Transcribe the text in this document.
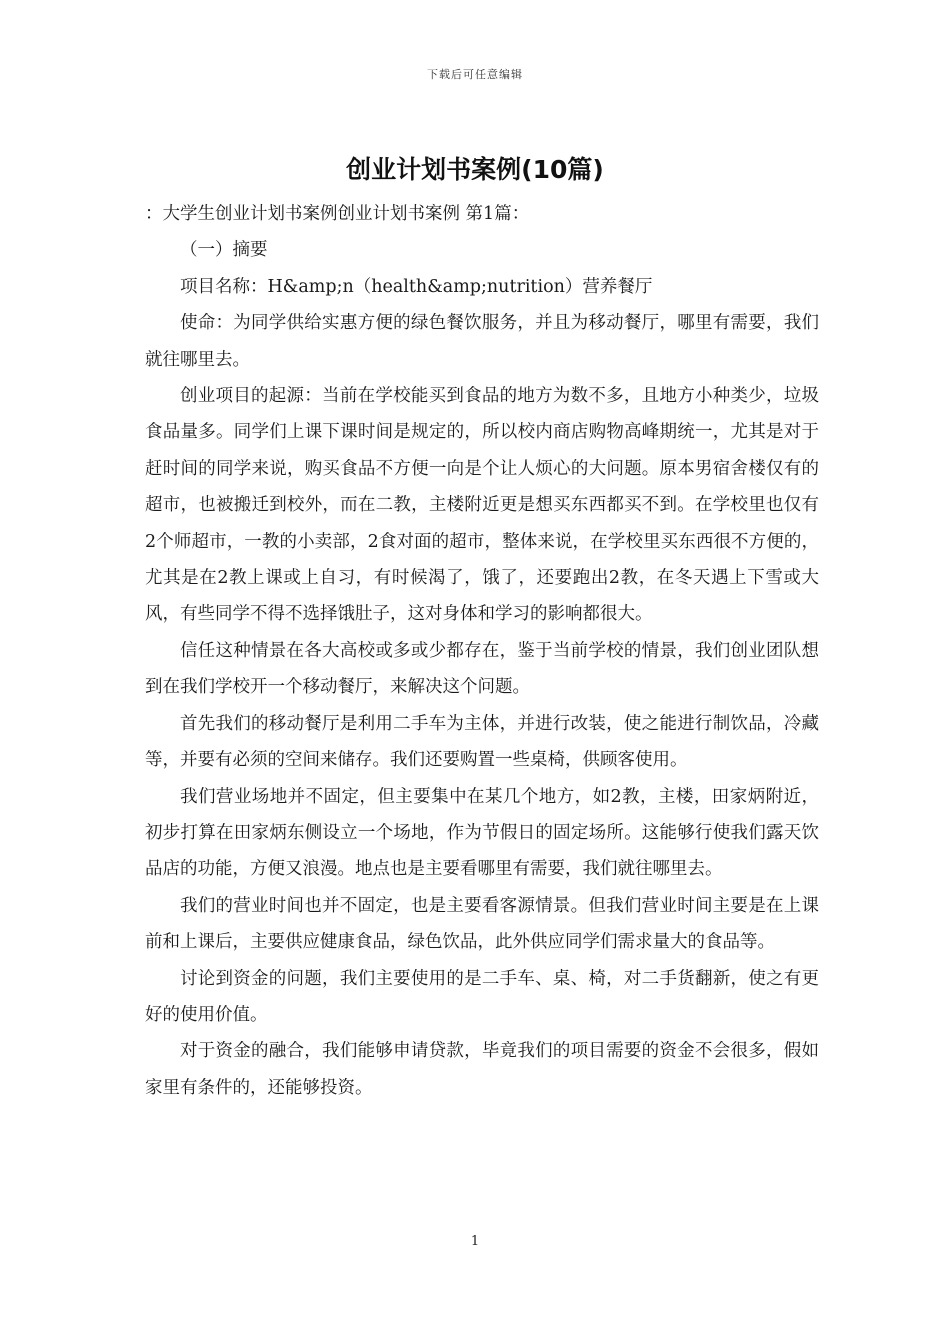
下载后可任意编辑
创业计划书案例(10篇)

：大学生创业计划书案例创业计划书案例 第1篇：

（一）摘要

项目名称：H&amp;n（health&amp;nutrition）营养餐厅

使命：为同学供给实惠方便的绿色餐饮服务，并且为移动餐厅，哪里有需要，我们就往哪里去。

创业项目的起源：当前在学校能买到食品的地方为数不多，且地方小种类少，垃圾食品量多。同学们上课下课时间是规定的，所以校内商店购物高峰期统一，尤其是对于赶时间的同学来说，购买食品不方便一向是个让人烦心的大问题。原本男宿舍楼仅有的超市，也被搬迁到校外，而在二教，主楼附近更是想买东西都买不到。在学校里也仅有2个师超市，一教的小卖部，2食对面的超市，整体来说，在学校里买东西很不方便的，尤其是在2教上课或上自习，有时候渴了，饿了，还要跑出2教，在冬天遇上下雪或大风，有些同学不得不选择饿肚子，这对身体和学习的影响都很大。

信任这种情景在各大高校或多或少都存在，鉴于当前学校的情景，我们创业团队想到在我们学校开一个移动餐厅，来解决这个问题。

首先我们的移动餐厅是利用二手车为主体，并进行改装，使之能进行制饮品，冷藏等，并要有必须的空间来储存。我们还要购置一些桌椅，供顾客使用。

我们营业场地并不固定，但主要集中在某几个地方，如2教，主楼，田家炳附近，初步打算在田家炳东侧设立一个场地，作为节假日的固定场所。这能够行使我们露天饮品店的功能，方便又浪漫。地点也是主要看哪里有需要，我们就往哪里去。

我们的营业时间也并不固定，也是主要看客源情景。但我们营业时间主要是在上课前和上课后，主要供应健康食品，绿色饮品，此外供应同学们需求量大的食品等。

讨论到资金的问题，我们主要使用的是二手车、桌、椅，对二手货翻新，使之有更好的使用价值。

对于资金的融合，我们能够申请贷款，毕竟我们的项目需要的资金不会很多，假如家里有条件的，还能够投资。

1
